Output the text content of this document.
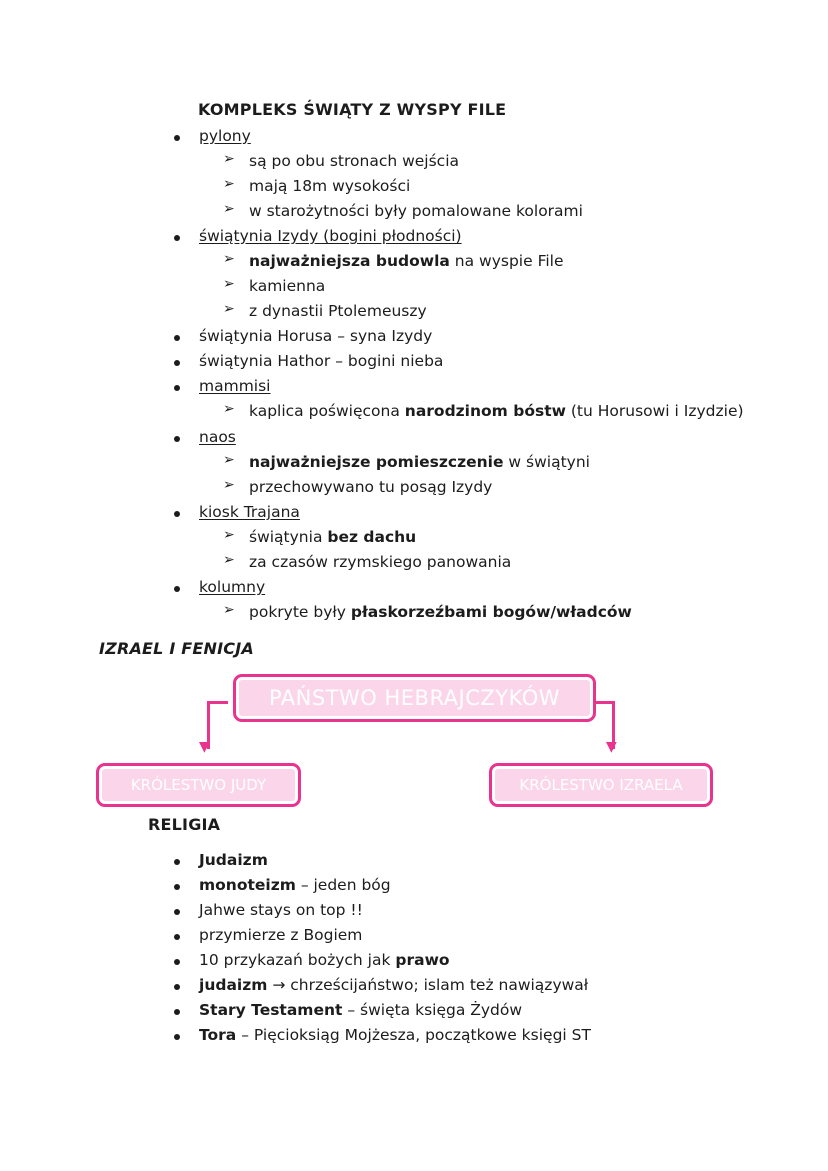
KOMPLEKS ŚWIĄTY Z WYSPY FILE
pylony
➢ są po obu stronach wejścia
➢ mają 18m wysokości
➢ w starożytności były pomalowane kolorami
świątynia Izydy (bogini płodności)
➢ najważniejsza budowla na wyspie File
➢ kamienna
➢ z dynastii Ptolemeuszy
świątynia Horusa – syna Izydy
świątynia Hathor – bogini nieba
mammisi
➢ kaplica poświęcona narodzinom bóstw (tu Horusowi i Izydzie)
naos
➢ najważniejsze pomieszczenie w świątyni
➢ przechowywano tu posąg Izydy
kiosk Trajana
➢ świątynia bez dachu
➢ za czasów rzymskiego panowania
kolumny
➢ pokryte były płaskorzeźbami bogów/władców
IZRAEL I FENICJA
PAŃSTWO HEBRAJCZYKÓW
▼	▼
KRÓLESTWO JUDY	KRÓLESTWO IZRAELA
RELIGIA
Judaizm
monoteizm – jeden bóg
Jahwe stays on top !!
przymierze z Bogiem
10 przykazań bożych jak prawo
judaizm → chrześcijaństwo; islam też nawiązywał
Stary Testament – święta księga Żydów
Tora – Pięcioksiąg Mojżesza, początkowe księgi ST
